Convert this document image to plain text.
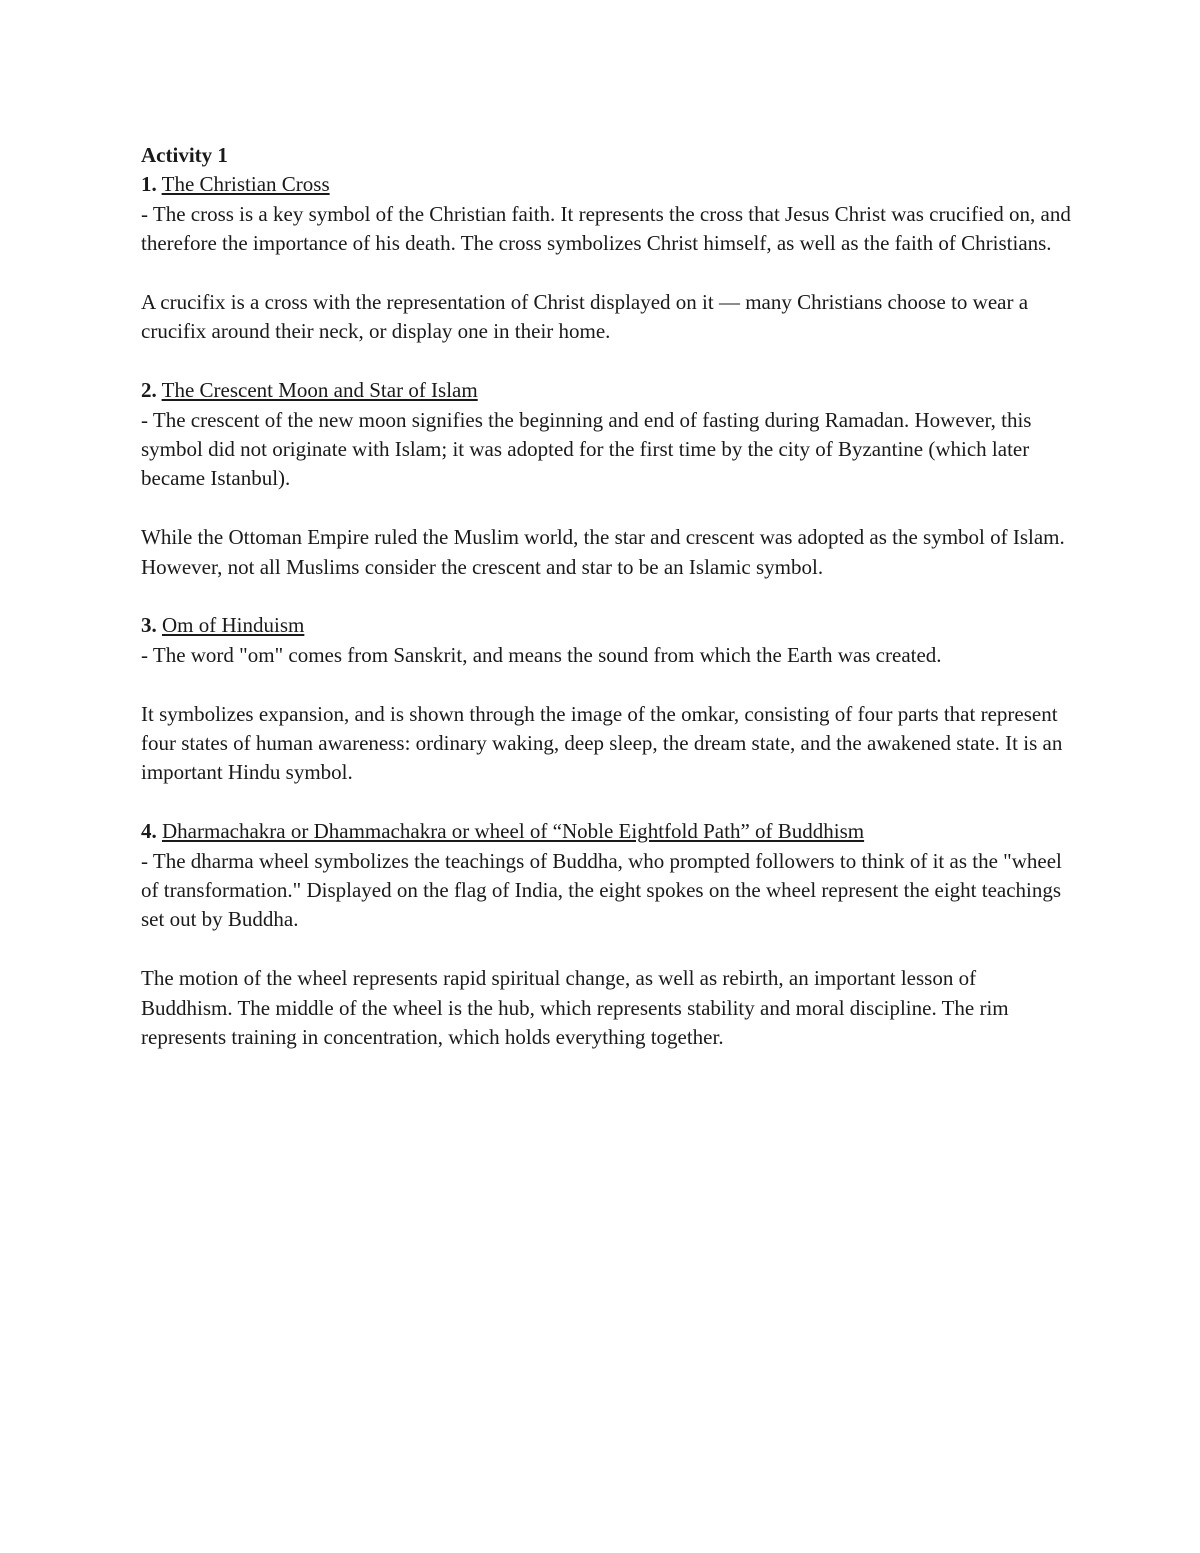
Activity 1

1. The Christian Cross

- The cross is a key symbol of the Christian faith. It represents the cross that Jesus Christ was crucified on, and therefore the importance of his death. The cross symbolizes Christ himself, as well as the faith of Christians.

A crucifix is a cross with the representation of Christ displayed on it — many Christians choose to wear a crucifix around their neck, or display one in their home.

2. The Crescent Moon and Star of Islam

- The crescent of the new moon signifies the beginning and end of fasting during Ramadan. However, this symbol did not originate with Islam; it was adopted for the first time by the city of Byzantine (which later became Istanbul).

While the Ottoman Empire ruled the Muslim world, the star and crescent was adopted as the symbol of Islam. However, not all Muslims consider the crescent and star to be an Islamic symbol.

3. Om of Hinduism

- The word "om" comes from Sanskrit, and means the sound from which the Earth was created.

It symbolizes expansion, and is shown through the image of the omkar, consisting of four parts that represent four states of human awareness: ordinary waking, deep sleep, the dream state, and the awakened state. It is an important Hindu symbol.

4. Dharmachakra or Dhammachakra or wheel of “Noble Eightfold Path” of Buddhism

- The dharma wheel symbolizes the teachings of Buddha, who prompted followers to think of it as the "wheel of transformation." Displayed on the flag of India, the eight spokes on the wheel represent the eight teachings set out by Buddha.

The motion of the wheel represents rapid spiritual change, as well as rebirth, an important lesson of Buddhism. The middle of the wheel is the hub, which represents stability and moral discipline. The rim represents training in concentration, which holds everything together.
